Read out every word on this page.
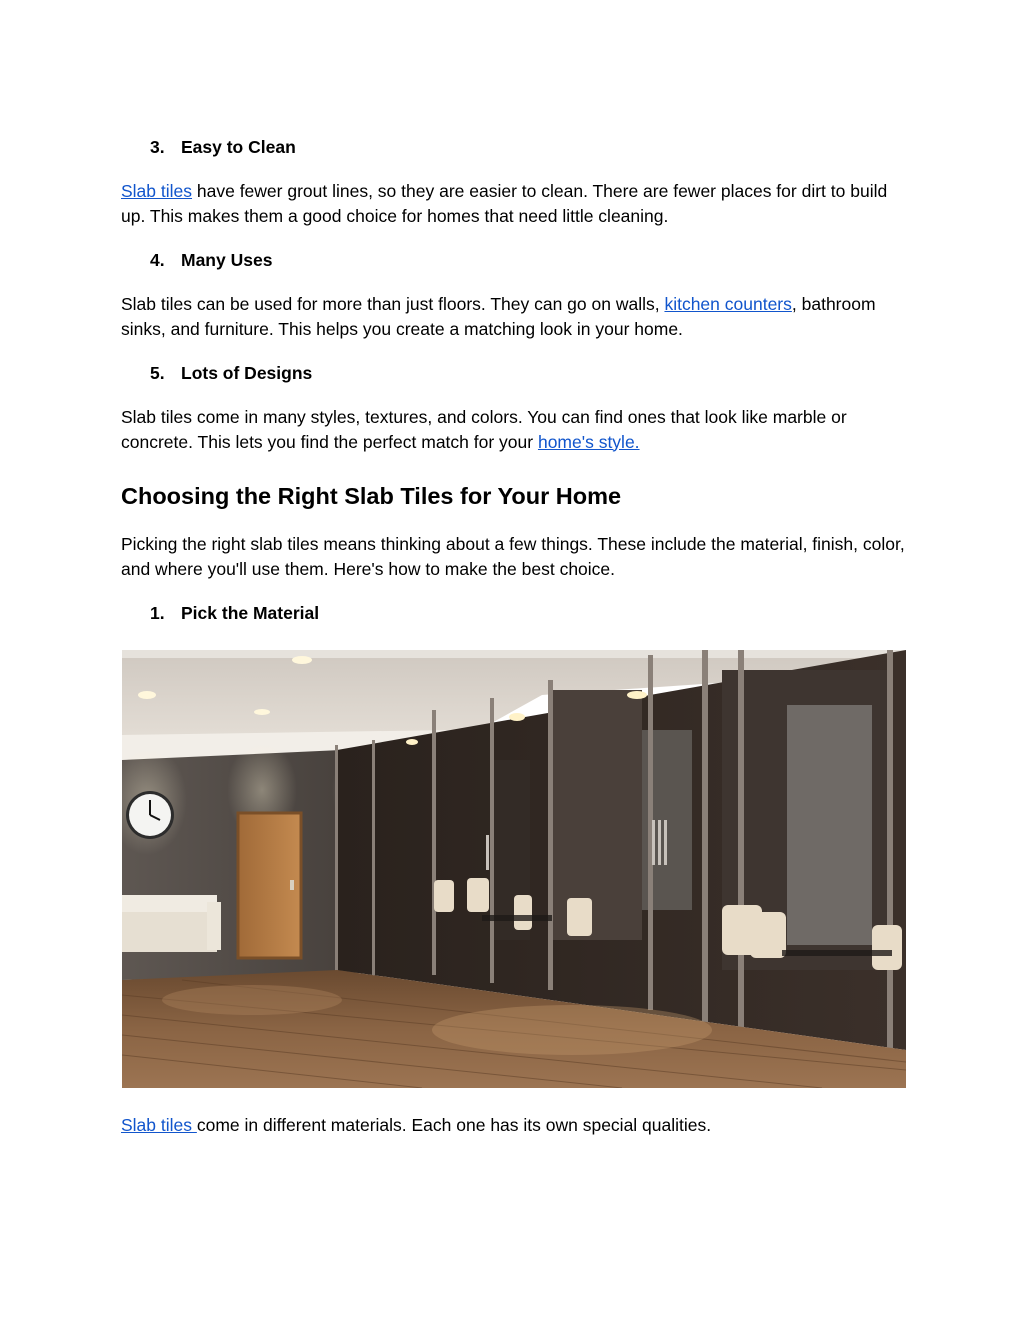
3. Easy to Clean

Slab tiles have fewer grout lines, so they are easier to clean. There are fewer places for dirt to build up. This makes them a good choice for homes that need little cleaning.

4. Many Uses

Slab tiles can be used for more than just floors. They can go on walls, kitchen counters, bathroom sinks, and furniture. This helps you create a matching look in your home.

5. Lots of Designs

Slab tiles come in many styles, textures, and colors. You can find ones that look like marble or concrete. This lets you find the perfect match for your home's style.

Choosing the Right Slab Tiles for Your Home

Picking the right slab tiles means thinking about a few things. These include the material, finish, color, and where you'll use them. Here's how to make the best choice.

1. Pick the Material

Slab tiles come in different materials. Each one has its own special qualities.
